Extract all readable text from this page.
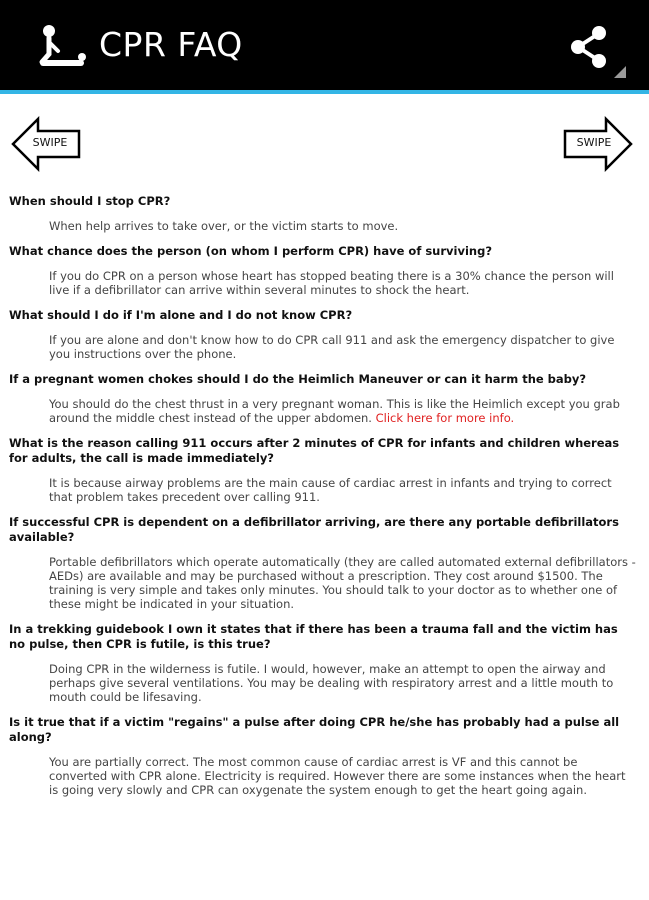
CPR FAQ
SWIPE	SWIPE

When should I stop CPR?

When help arrives to take over, or the victim starts to move.

What chance does the person (on whom I perform CPR) have of surviving?

If you do CPR on a person whose heart has stopped beating there is a 30% chance the person will live if a defibrillator can arrive within several minutes to shock the heart.

What should I do if I'm alone and I do not know CPR?

If you are alone and don't know how to do CPR call 911 and ask the emergency dispatcher to give you instructions over the phone.

If a pregnant women chokes should I do the Heimlich Maneuver or can it harm the baby?

You should do the chest thrust in a very pregnant woman. This is like the Heimlich except you grab around the middle chest instead of the upper abdomen. Click here for more info.

What is the reason calling 911 occurs after 2 minutes of CPR for infants and children whereas for adults, the call is made immediately?

It is because airway problems are the main cause of cardiac arrest in infants and trying to correct that problem takes precedent over calling 911.

If successful CPR is dependent on a defibrillator arriving, are there any portable defibrillators available?

Portable defibrillators which operate automatically (they are called automated external defibrillators - AEDs) are available and may be purchased without a prescription. They cost around $1500. The training is very simple and takes only minutes. You should talk to your doctor as to whether one of these might be indicated in your situation.

In a trekking guidebook I own it states that if there has been a trauma fall and the victim has no pulse, then CPR is futile, is this true?

Doing CPR in the wilderness is futile. I would, however, make an attempt to open the airway and perhaps give several ventilations. You may be dealing with respiratory arrest and a little mouth to mouth could be lifesaving.

Is it true that if a victim "regains" a pulse after doing CPR he/she has probably had a pulse all along?

You are partially correct. The most common cause of cardiac arrest is VF and this cannot be converted with CPR alone. Electricity is required. However there are some instances when the heart is going very slowly and CPR can oxygenate the system enough to get the heart going again.
